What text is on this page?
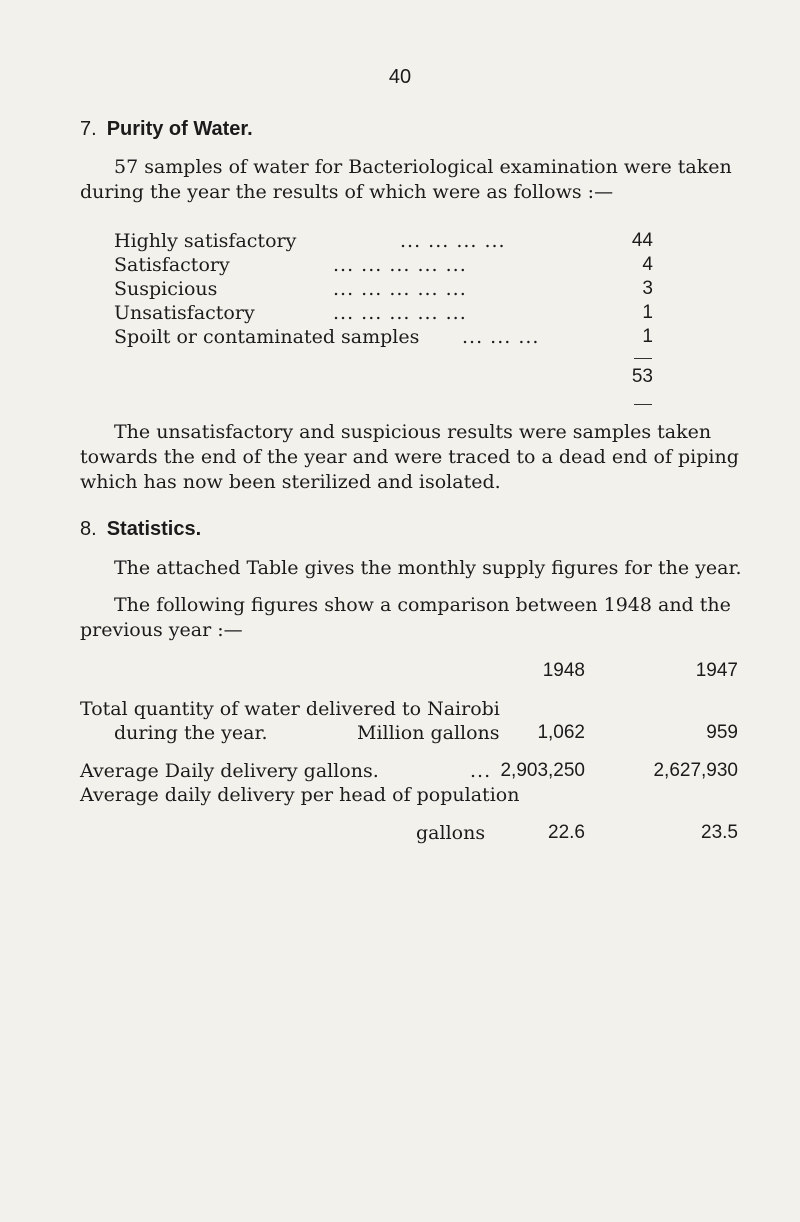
40
7. Purity of Water.
57 samples of water for Bacteriological examination were taken
during the year the results of which were as follows :—
Highly satisfactory	... ... ... ...	44
Satisfactory	... ... ... ... ...	4
Suspicious	... ... ... ... ...	3
Unsatisfactory	... ... ... ... ...	1
Spoilt or contaminated samples ... ... ...	1
53
The unsatisfactory and suspicious results were samples taken
towards the end of the year and were traced to a dead end of piping
which has now been sterilized and isolated.
8. Statistics.
The attached Table gives the monthly supply figures for the year.
The following figures show a comparison between 1948 and the
previous year :—
1948	1947
Total quantity of water delivered to Nairobi
during the year.	Million gallons	1,062	959
Average Daily delivery gallons.	... 2,903,250	2,627,930
Average daily delivery per head of population
gallons	22.6	23.5
